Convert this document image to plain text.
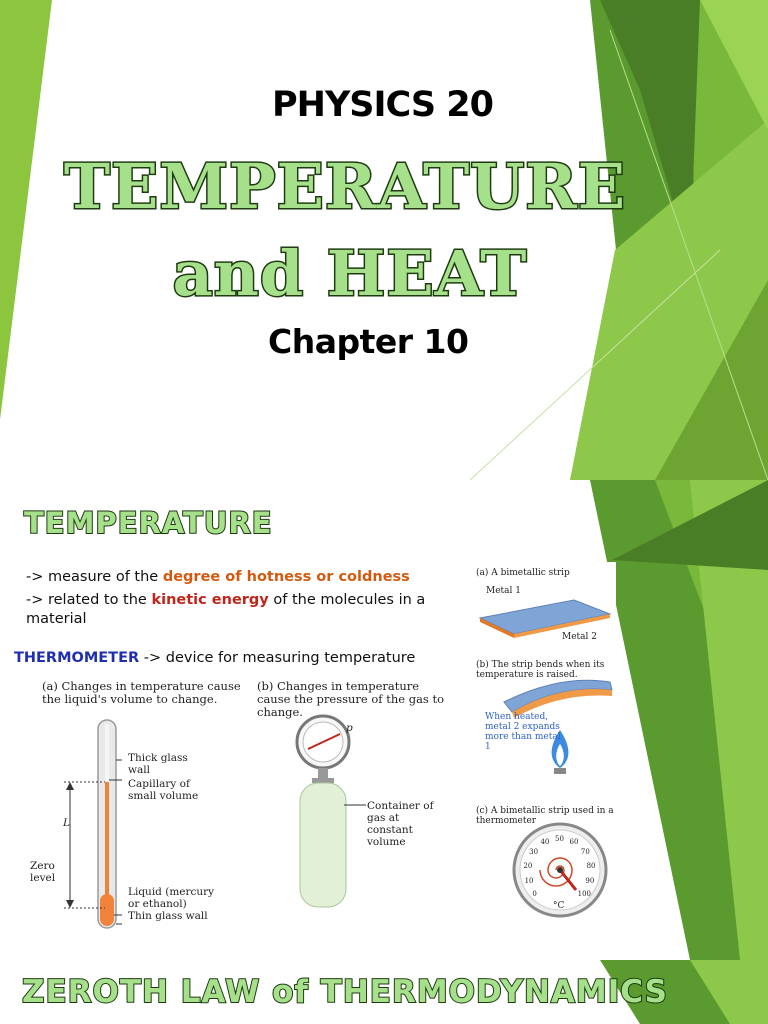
PHYSICS 20
TEMPERATURE
and HEAT
Chapter 10
TEMPERATURE

-> measure of the degree of hotness or coldness

-> related to the kinetic energy of the molecules in a material

THERMOMETER -> device for measuring temperature
(a) Changes in temperature cause the liquid's volume to change.
L
Thick glass wall
Capillary of small volume
Zero level
Liquid (mercury or ethanol)
Thin glass wall
(b) Changes in temperature cause the pressure of the gas to change.
p
Container of gas at constant volume
(a) A bimetallic strip
Metal 1
Metal 2
(b) The strip bends when its temperature is raised.
When heated, metal 2 expands more than metal 1
(c) A bimetallic strip used in a thermometer
0
10
20
30
40 50 60
70
80
90
100
°C
ZEROTH LAW of THERMODYNAMICS
